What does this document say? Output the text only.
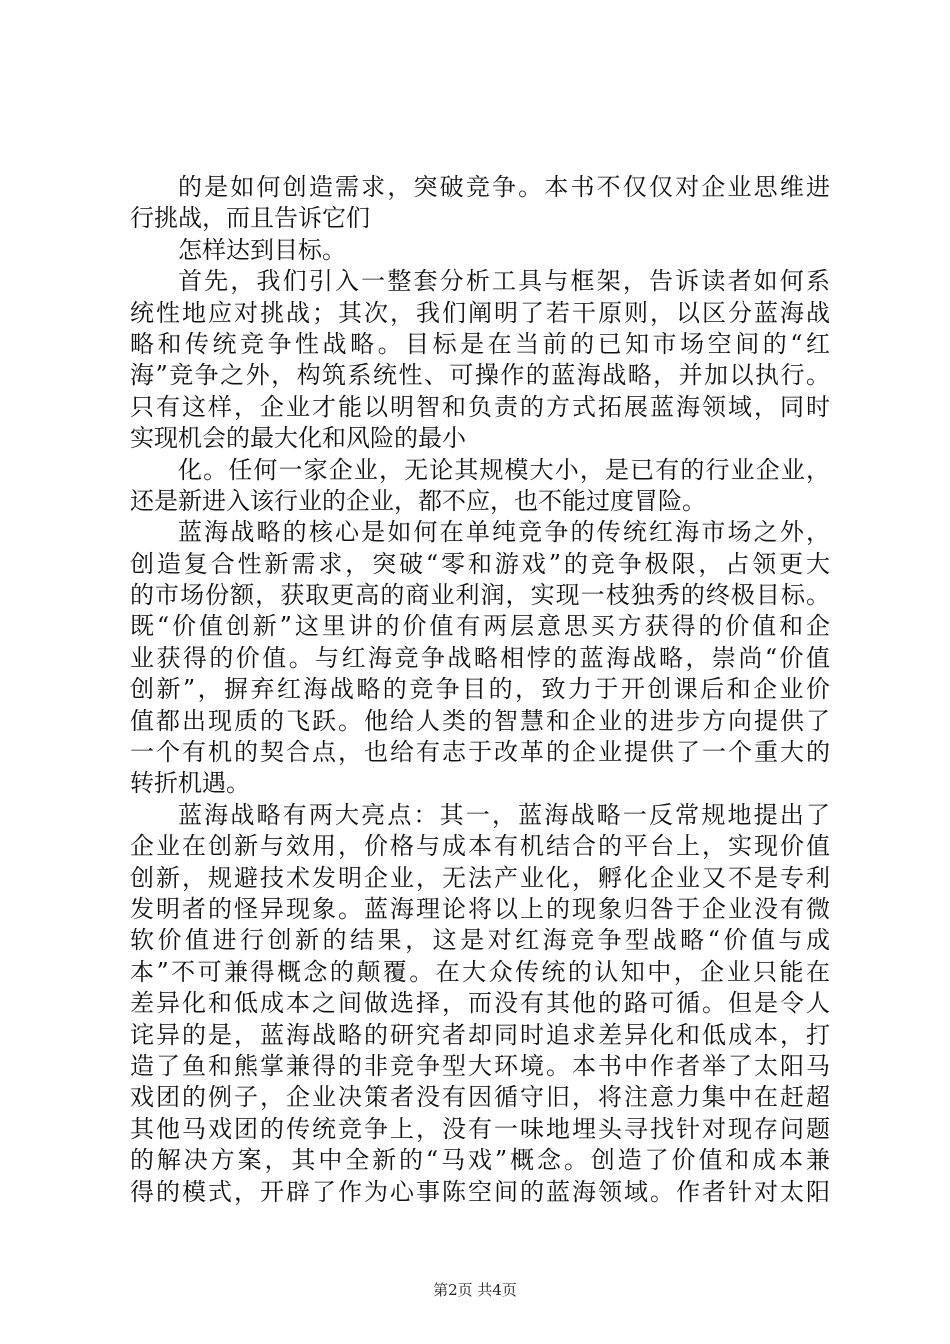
的是如何创造需求，突破竞争。本书不仅仅对企业思维进
行挑战，而且告诉它们
怎样达到目标。
首先，我们引入一整套分析工具与框架，告诉读者如何系
统性地应对挑战；其次，我们阐明了若干原则，以区分蓝海战
略和传统竞争性战略。目标是在当前的已知市场空间的“红
海”竞争之外，构筑系统性、可操作的蓝海战略，并加以执行。
只有这样，企业才能以明智和负责的方式拓展蓝海领域，同时
实现机会的最大化和风险的最小
化。任何一家企业，无论其规模大小，是已有的行业企业，
还是新进入该行业的企业，都不应，也不能过度冒险。
蓝海战略的核心是如何在单纯竞争的传统红海市场之外，
创造复合性新需求，突破“零和游戏”的竞争极限，占领更大
的市场份额，获取更高的商业利润，实现一枝独秀的终极目标。
既“价值创新”这里讲的价值有两层意思买方获得的价值和企
业获得的价值。与红海竞争战略相悖的蓝海战略，崇尚“价值
创新”，摒弃红海战略的竞争目的，致力于开创课后和企业价
值都出现质的飞跃。他给人类的智慧和企业的进步方向提供了
一个有机的契合点，也给有志于改革的企业提供了一个重大的
转折机遇。
蓝海战略有两大亮点：其一，蓝海战略一反常规地提出了
企业在创新与效用，价格与成本有机结合的平台上，实现价值
创新，规避技术发明企业，无法产业化，孵化企业又不是专利
发明者的怪异现象。蓝海理论将以上的现象归咎于企业没有微
软价值进行创新的结果，这是对红海竞争型战略“价值与成
本”不可兼得概念的颠覆。在大众传统的认知中，企业只能在
差异化和低成本之间做选择，而没有其他的路可循。但是令人
诧异的是，蓝海战略的研究者却同时追求差异化和低成本，打
造了鱼和熊掌兼得的非竞争型大环境。本书中作者举了太阳马
戏团的例子，企业决策者没有因循守旧，将注意力集中在赶超
其他马戏团的传统竞争上，没有一味地埋头寻找针对现存问题
的解决方案，其中全新的“马戏”概念。创造了价值和成本兼
得的模式，开辟了作为心事陈空间的蓝海领域。作者针对太阳
第2页 共4页
